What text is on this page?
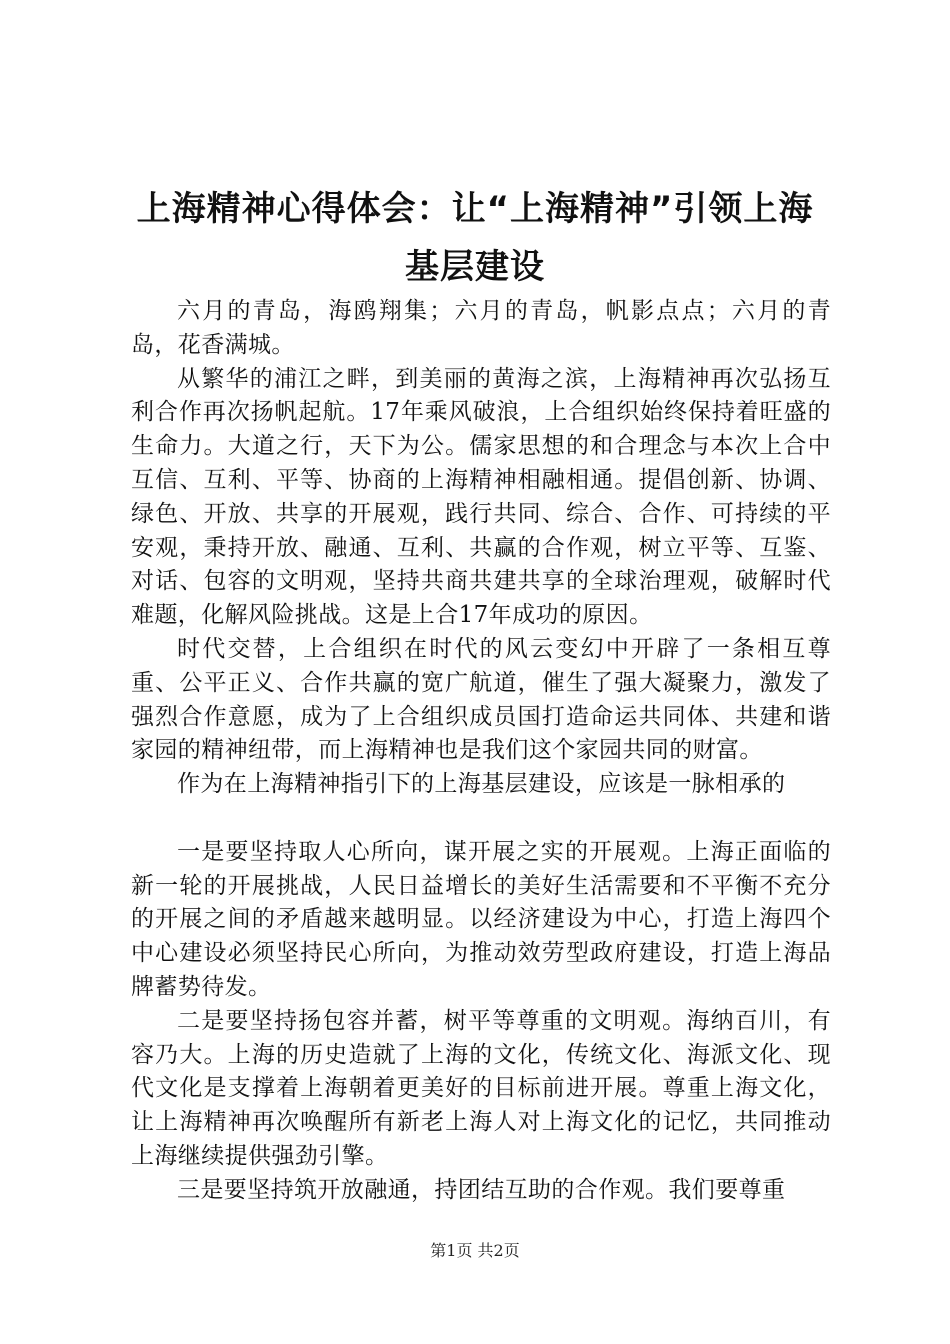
上海精神心得体会：让“上海精神”引领上海基层建设

六月的青岛，海鸥翔集；六月的青岛，帆影点点；六月的青岛，花香满城。

从繁华的浦江之畔，到美丽的黄海之滨，上海精神再次弘扬互利合作再次扬帆起航。17年乘风破浪，上合组织始终保持着旺盛的生命力。大道之行，天下为公。儒家思想的和合理念与本次上合中互信、互利、平等、协商的上海精神相融相通。提倡创新、协调、绿色、开放、共享的开展观，践行共同、综合、合作、可持续的平安观，秉持开放、融通、互利、共赢的合作观，树立平等、互鉴、对话、包容的文明观，坚持共商共建共享的全球治理观，破解时代难题，化解风险挑战。这是上合17年成功的原因。

时代交替，上合组织在时代的风云变幻中开辟了一条相互尊重、公平正义、合作共赢的宽广航道，催生了强大凝聚力，激发了强烈合作意愿，成为了上合组织成员国打造命运共同体、共建和谐家园的精神纽带，而上海精神也是我们这个家园共同的财富。

作为在上海精神指引下的上海基层建设，应该是一脉相承的

一是要坚持取人心所向，谋开展之实的开展观。上海正面临的新一轮的开展挑战，人民日益增长的美好生活需要和不平衡不充分的开展之间的矛盾越来越明显。以经济建设为中心，打造上海四个中心建设必须坚持民心所向，为推动效劳型政府建设，打造上海品牌蓄势待发。

二是要坚持扬包容并蓄，树平等尊重的文明观。海纳百川，有容乃大。上海的历史造就了上海的文化，传统文化、海派文化、现代文化是支撑着上海朝着更美好的目标前进开展。尊重上海文化，让上海精神再次唤醒所有新老上海人对上海文化的记忆，共同推动上海继续提供强劲引擎。

三是要坚持筑开放融通，持团结互助的合作观。我们要尊重

第1页 共2页
